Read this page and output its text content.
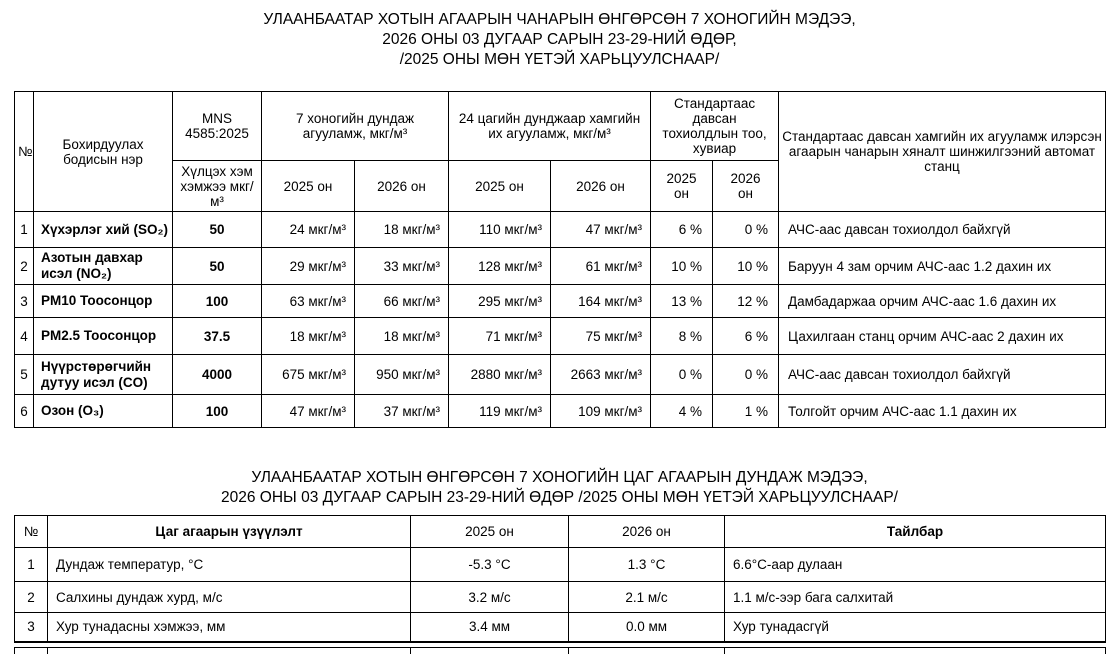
УЛААНБААТАР ХОТЫН АГААРЫН ЧАНАРЫН ӨНГӨРСӨН 7 ХОНОГИЙН МЭДЭЭ,
2026 ОНЫ 03 ДУГААР САРЫН 23-29-НИЙ ӨДӨР,
/2025 ОНЫ МӨН ҮЕТЭЙ ХАРЬЦУУЛСНААР/
№	Бохирдуулах бодисын нэр	MNS 4585:2025	7 хоногийн дундаж агууламж, мкг/м³		24 цагийн дунджаар хамгийн их агууламж, мкг/м³		Стандартаас давсан тохиолдлын тоо, хувиар		Стандартаас давсан хамгийн их агууламж илэрсэн агаарын чанарын хяналт шинжилгээний автомат станц
		Хүлцэх хэм хэмжээ мкг/м³	2025 он	2026 он	2025 он	2026 он	2025 он	2026 он	
1	Хүхэрлэг хий (SO₂)	50	24 мкг/м³	18 мкг/м³	110 мкг/м³	47 мкг/м³	6 %	0 %	АЧС-аас давсан тохиолдол байхгүй
2	Азотын давхар исэл (NO₂)	50	29 мкг/м³	33 мкг/м³	128 мкг/м³	61 мкг/м³	10 %	10 %	Баруун 4 зам орчим АЧС-аас 1.2 дахин их
3	PM10 Тоосонцор	100	63 мкг/м³	66 мкг/м³	295 мкг/м³	164 мкг/м³	13 %	12 %	Дамбадаржаа орчим АЧС-аас 1.6 дахин их
4	PM2.5 Тоосонцор	37.5	18 мкг/м³	18 мкг/м³	71 мкг/м³	75 мкг/м³	8 %	6 %	Цахилгаан станц орчим АЧС-аас 2 дахин их
5	Нүүрстөрөгчийн дутуу исэл (CO)	4000	675 мкг/м³	950 мкг/м³	2880 мкг/м³	2663 мкг/м³	0 %	0 %	АЧС-аас давсан тохиолдол байхгүй
6	Озон (O₃)	100	47 мкг/м³	37 мкг/м³	119 мкг/м³	109 мкг/м³	4 %	1 %	Толгойт орчим АЧС-аас 1.1 дахин их
УЛААНБААТАР ХОТЫН ӨНГӨРСӨН 7 ХОНОГИЙН ЦАГ АГААРЫН ДУНДАЖ МЭДЭЭ,
2026 ОНЫ 03 ДУГААР САРЫН 23-29-НИЙ ӨДӨР /2025 ОНЫ МӨН ҮЕТЭЙ ХАРЬЦУУЛСНААР/
№	Цаг агаарын үзүүлэлт	2025 он	2026 он	Тайлбар
1	Дундаж температур, °С	-5.3 °С	1.3 °С	6.6°С-аар дулаан
2	Салхины дундаж хурд, м/с	3.2 м/с	2.1 м/с	1.1 м/с-ээр бага салхитай
3	Хур тунадасны хэмжээ, мм	3.4 мм	0.0 мм	Хур тунадасгүй
